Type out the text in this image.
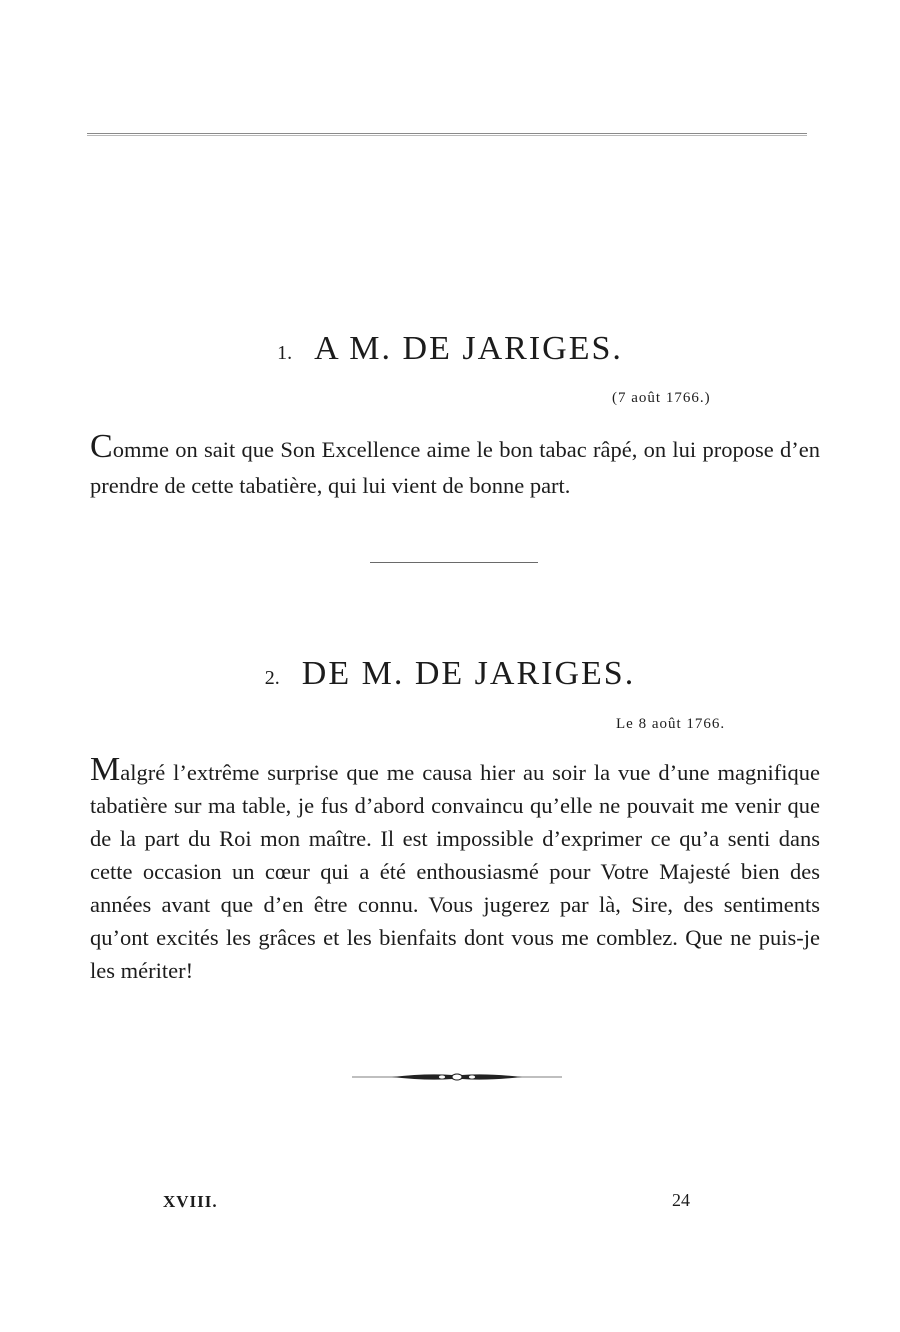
1. A M. DE JARIGES.
(7 août 1766.)

Comme on sait que Son Excellence aime le bon tabac râpé, on lui propose d’en prendre de cette tabatière, qui lui vient de bonne part.

2. DE M. DE JARIGES.
Le 8 août 1766.

Malgré l’extrême surprise que me causa hier au soir la vue d’une magnifique tabatière sur ma table, je fus d’abord convaincu qu’elle ne pouvait me venir que de la part du Roi mon maître. Il est impossible d’exprimer ce qu’a senti dans cette occasion un cœur qui a été enthousiasmé pour Votre Majesté bien des années avant que d’en être connu. Vous jugerez par là, Sire, des sentiments qu’ont excités les grâces et les bienfaits dont vous me comblez. Que ne puis-je les mériter!

XVIII.	24
